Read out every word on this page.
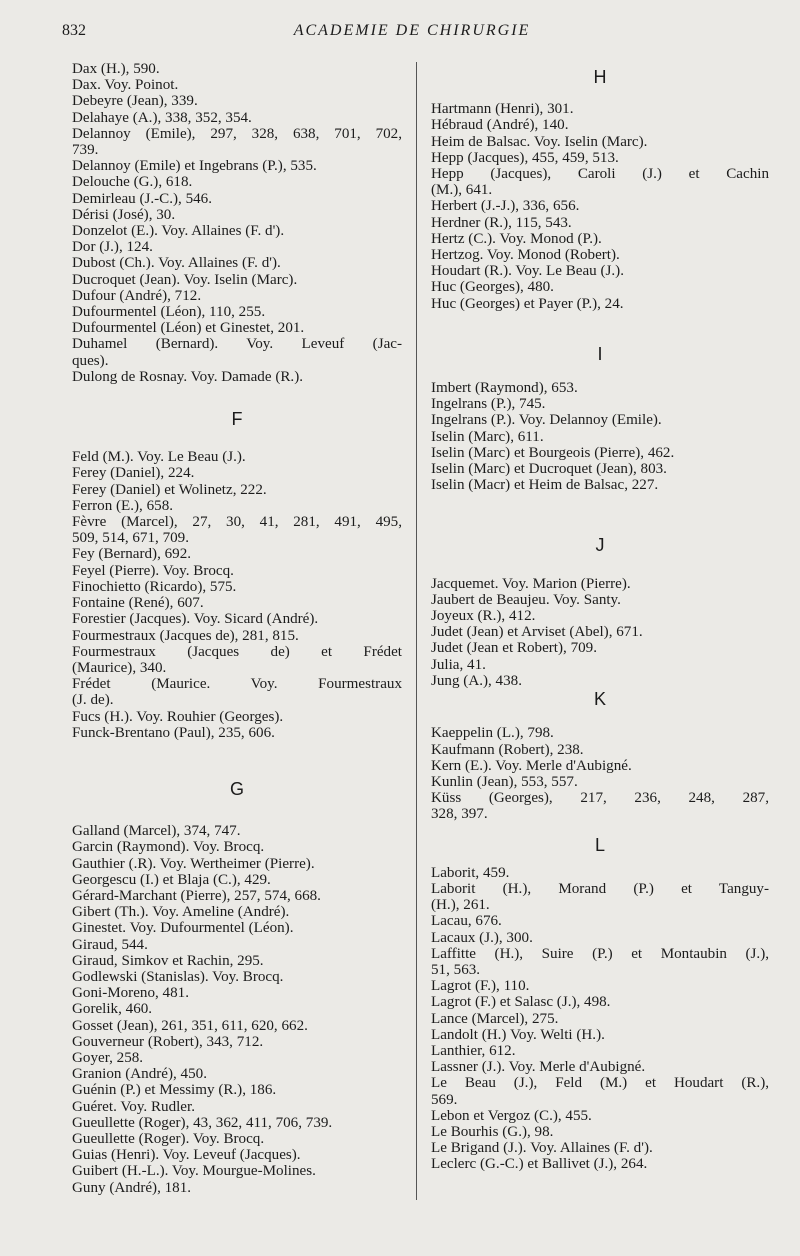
832	ACADEMIE DE CHIRURGIE

Dax (H.), 590.

Dax. Voy. Poinot.

Debeyre (Jean), 339.

Delahaye (A.), 338, 352, 354.

Delannoy (Emile), 297, 328, 638, 701, 702,
739.

Delannoy (Emile) et Ingebrans (P.), 535.

Delouche (G.), 618.

Demirleau (J.-C.), 546.

Dérisi (José), 30.

Donzelot (E.). Voy. Allaines (F. d').

Dor (J.), 124.

Dubost (Ch.). Voy. Allaines (F. d').

Ducroquet (Jean). Voy. Iselin (Marc).

Dufour (André), 712.

Dufourmentel (Léon), 110, 255.

Dufourmentel (Léon) et Ginestet, 201.

Duhamel (Bernard). Voy. Leveuf (Jac-
ques).

Dulong de Rosnay. Voy. Damade (R.).

F

Feld (M.). Voy. Le Beau (J.).

Ferey (Daniel), 224.

Ferey (Daniel) et Wolinetz, 222.

Ferron (E.), 658.

Fèvre (Marcel), 27, 30, 41, 281, 491, 495,
509, 514, 671, 709.

Fey (Bernard), 692.

Feyel (Pierre). Voy. Brocq.

Finochietto (Ricardo), 575.

Fontaine (René), 607.

Forestier (Jacques). Voy. Sicard (André).

Fourmestraux (Jacques de), 281, 815.

Fourmestraux (Jacques de) et Frédet
(Maurice), 340.

Frédet (Maurice. Voy. Fourmestraux
(J. de).

Fucs (H.). Voy. Rouhier (Georges).

Funck-Brentano (Paul), 235, 606.

G

Galland (Marcel), 374, 747.

Garcin (Raymond). Voy. Brocq.

Gauthier (.R). Voy. Wertheimer (Pierre).

Georgescu (I.) et Blaja (C.), 429.

Gérard-Marchant (Pierre), 257, 574, 668.

Gibert (Th.). Voy. Ameline (André).

Ginestet. Voy. Dufourmentel (Léon).

Giraud, 544.

Giraud, Simkov et Rachin, 295.

Godlewski (Stanislas). Voy. Brocq.

Goni-Moreno, 481.

Gorelik, 460.

Gosset (Jean), 261, 351, 611, 620, 662.

Gouverneur (Robert), 343, 712.

Goyer, 258.

Granion (André), 450.

Guénin (P.) et Messimy (R.), 186.

Guéret. Voy. Rudler.

Gueullette (Roger), 43, 362, 411, 706, 739.

Gueullette (Roger). Voy. Brocq.

Guias (Henri). Voy. Leveuf (Jacques).

Guibert (H.-L.). Voy. Mourgue-Molines.

Guny (André), 181.

H

Hartmann (Henri), 301.

Hébraud (André), 140.

Heim de Balsac. Voy. Iselin (Marc).

Hepp (Jacques), 455, 459, 513.

Hepp (Jacques), Caroli (J.) et Cachin
(M.), 641.

Herbert (J.-J.), 336, 656.

Herdner (R.), 115, 543.

Hertz (C.). Voy. Monod (P.).

Hertzog. Voy. Monod (Robert).

Houdart (R.). Voy. Le Beau (J.).

Huc (Georges), 480.

Huc (Georges) et Payer (P.), 24.

I

Imbert (Raymond), 653.

Ingelrans (P.), 745.

Ingelrans (P.). Voy. Delannoy (Emile).

Iselin (Marc), 611.

Iselin (Marc) et Bourgeois (Pierre), 462.

Iselin (Marc) et Ducroquet (Jean), 803.

Iselin (Macr) et Heim de Balsac, 227.

J

Jacquemet. Voy. Marion (Pierre).

Jaubert de Beaujeu. Voy. Santy.

Joyeux (R.), 412.

Judet (Jean) et Arviset (Abel), 671.

Judet (Jean et Robert), 709.

Julia, 41.

Jung (A.), 438.

K

Kaeppelin (L.), 798.

Kaufmann (Robert), 238.

Kern (E.). Voy. Merle d'Aubigné.

Kunlin (Jean), 553, 557.

Küss (Georges), 217, 236, 248, 287,
328, 397.

L

Laborit, 459.

Laborit (H.), Morand (P.) et Tanguy-
(H.), 261.

Lacau, 676.

Lacaux (J.), 300.

Laffitte (H.), Suire (P.) et Montaubin (J.),
51, 563.

Lagrot (F.), 110.

Lagrot (F.) et Salasc (J.), 498.

Lance (Marcel), 275.

Landolt (H.) Voy. Welti (H.).

Lanthier, 612.

Lassner (J.). Voy. Merle d'Aubigné.

Le Beau (J.), Feld (M.) et Houdart (R.),
569.

Lebon et Vergoz (C.), 455.

Le Bourhis (G.), 98.

Le Brigand (J.). Voy. Allaines (F. d').

Leclerc (G.-C.) et Ballivet (J.), 264.
